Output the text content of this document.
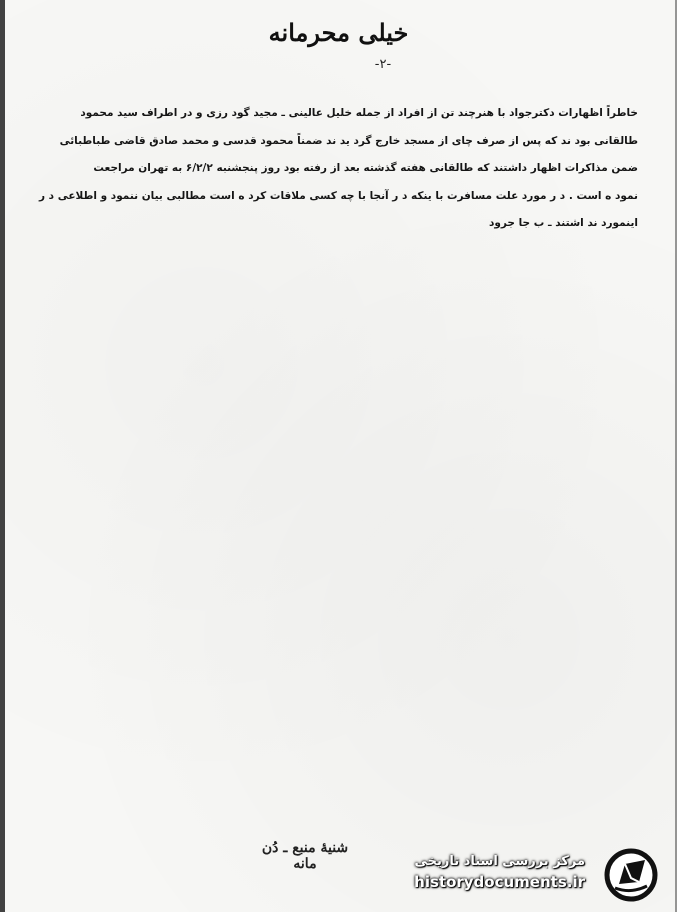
خیلی محرمانه
-۲-
خاطراً اظهارات دکترجواد با هنرچند تن از افراد از جمله خلیل عالینی ـ مجید گود رزی و در اطراف سید محمود
طالقانی بود ند که پس از صرف چای از مسجد خارج گرد ید ند ضمناً محمود قدسی و محمد صادق قاضی طباطبائی
ضمن مذاکرات اظهار داشتند که طالقانی هفته گذشته بعد از رفته بود روز پنجشنبه ۶/۲/۲ به تهران مراجعت
نمود ه است . د ر مورد علت مسافرت با ینکه د ر آنجا با چه کسی ملاقات کرد ه است مطالبی بیان ننمود و اطلاعی د ر
اینمورد ند اشتند ـ ب جا جرود
شنیهٔ منبع ـ دُن مانه	مرکز بررسی اسناد تاریخی
historydocuments.ir
